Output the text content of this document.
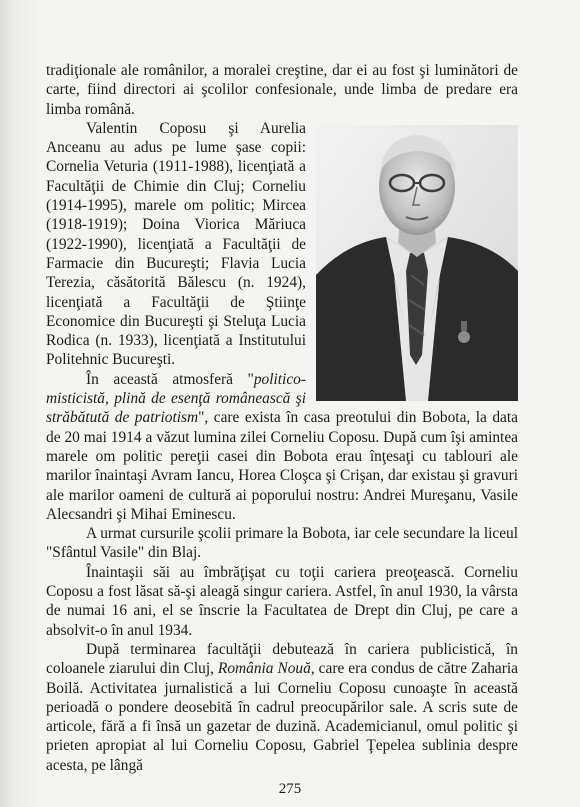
tradiţionale ale românilor, a moralei creştine, dar ei au fost şi luminători de carte, fiind directori ai şcolilor confesionale, unde limba de predare era limba română.

Valentin Coposu şi Aurelia Anceanu au adus pe lume şase copii: Cornelia Veturia (1911-1988), licenţiată a Facultăţii de Chimie din Cluj; Corneliu (1914-1995), marele om politic; Mircea (1918-1919); Doina Viorica Măriuca (1922-1990), licenţiată a Facultăţii de Farmacie din Bucureşti; Flavia Lucia Terezia, căsătorită Bălescu (n. 1924), licenţiată a Facultăţii de Ştiinţe Economice din Bucureşti şi Steluţa Lucia Rodica (n. 1933), licenţiată a Institutului Politehnic Bucureşti.

În această atmosferă "politico-misticistă, plină de esenţă românească şi străbătută de patriotism", care exista în casa preotului din Bobota, la data de 20 mai 1914 a văzut lumina zilei Corneliu Coposu. După cum îşi amintea marele om politic pereţii casei din Bobota erau înţesaţi cu tablouri ale marilor înaintaşi Avram Iancu, Horea Cloşca şi Crişan, dar existau şi gravuri ale marilor oameni de cultură ai poporului nostru: Andrei Mureşanu, Vasile Alecsandri şi Mihai Eminescu.

A urmat cursurile şcolii primare la Bobota, iar cele secundare la liceul "Sfântul Vasile" din Blaj.

Înaintaşii săi au îmbrăţişat cu toţii cariera preoţească. Corneliu Coposu a fost lăsat să-şi aleagă singur cariera. Astfel, în anul 1930, la vârsta de numai 16 ani, el se înscrie la Facultatea de Drept din Cluj, pe care a absolvit-o în anul 1934.

După terminarea facultăţii debutează în cariera publicistică, în coloanele ziarului din Cluj, România Nouă, care era condus de către Zaharia Boilă. Activitatea jurnalistică a lui Corneliu Coposu cunoaşte în această perioadă o pondere deosebită în cadrul preocupărilor sale. A scris sute de articole, fără a fi însă un gazetar de duzină. Academicianul, omul politic şi prieten apropiat al lui Corneliu Coposu, Gabriel Ţepelea sublinia despre acesta, pe lângă

275
